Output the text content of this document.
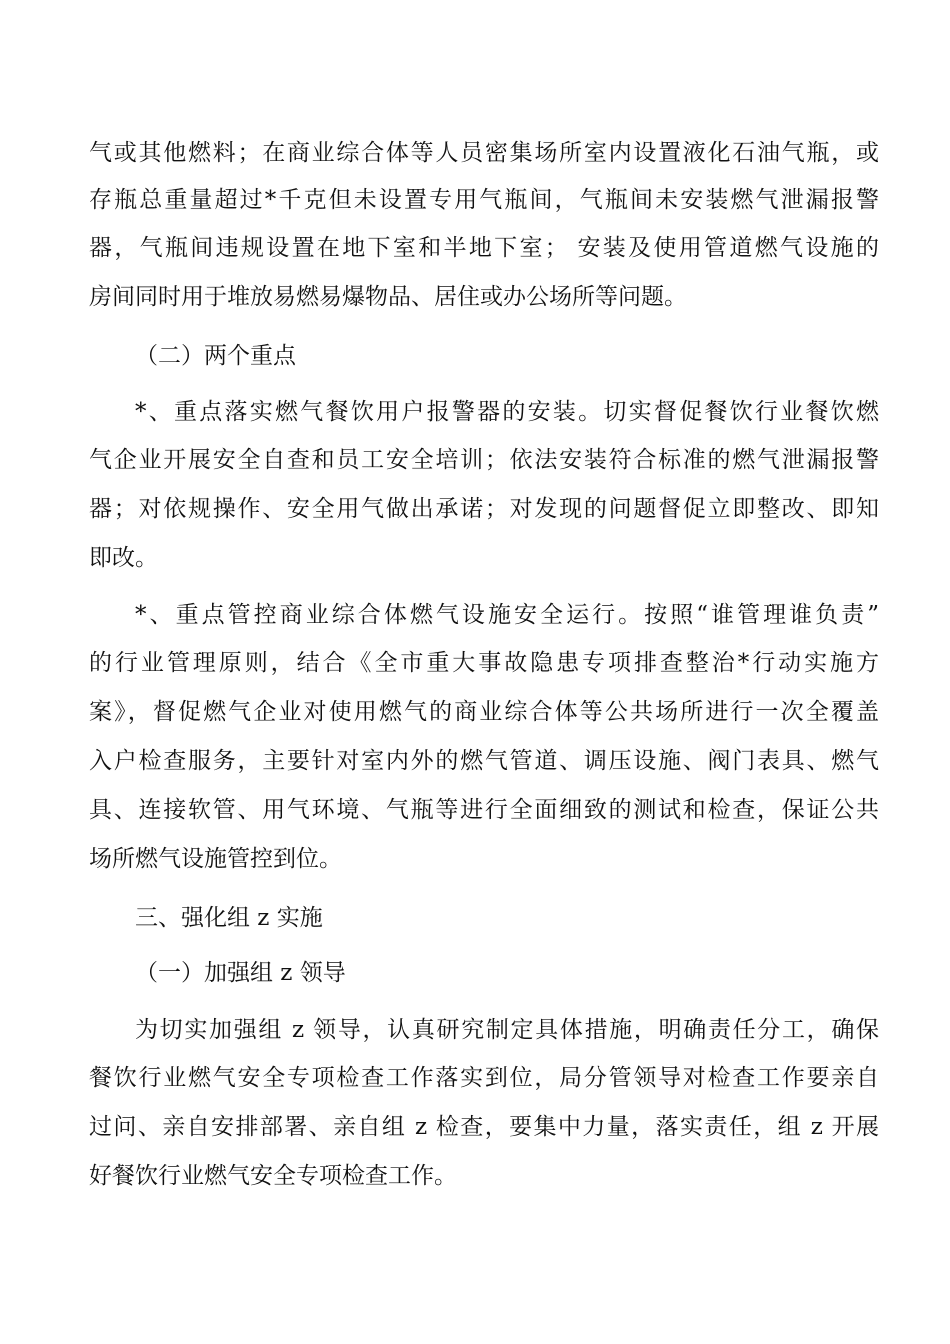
气或其他燃料；在商业综合体等人员密集场所室内设置液化石油气瓶，或
存瓶总重量超过*千克但未设置专用气瓶间，气瓶间未安装燃气泄漏报警
器，气瓶间违规设置在地下室和半地下室； 安装及使用管道燃气设施的
房间同时用于堆放易燃易爆物品、居住或办公场所等问题。
（二）两个重点
*、重点落实燃气餐饮用户报警器的安装。切实督促餐饮行业餐饮燃
气企业开展安全自查和员工安全培训；依法安装符合标准的燃气泄漏报警
器；对依规操作、安全用气做出承诺；对发现的问题督促立即整改、即知
即改。
*、重点管控商业综合体燃气设施安全运行。按照“谁管理谁负责”
的行业管理原则，结合《全市重大事故隐患专项排查整治*行动实施方
案》，督促燃气企业对使用燃气的商业综合体等公共场所进行一次全覆盖
入户检查服务，主要针对室内外的燃气管道、调压设施、阀门表具、燃气
具、连接软管、用气环境、气瓶等进行全面细致的测试和检查，保证公共
场所燃气设施管控到位。
三、强化组 z 实施
（一）加强组 z 领导
为切实加强组 z 领导，认真研究制定具体措施，明确责任分工，确保
餐饮行业燃气安全专项检查工作落实到位，局分管领导对检查工作要亲自
过问、亲自安排部署、亲自组 z 检查，要集中力量，落实责任，组 z 开展
好餐饮行业燃气安全专项检查工作。
